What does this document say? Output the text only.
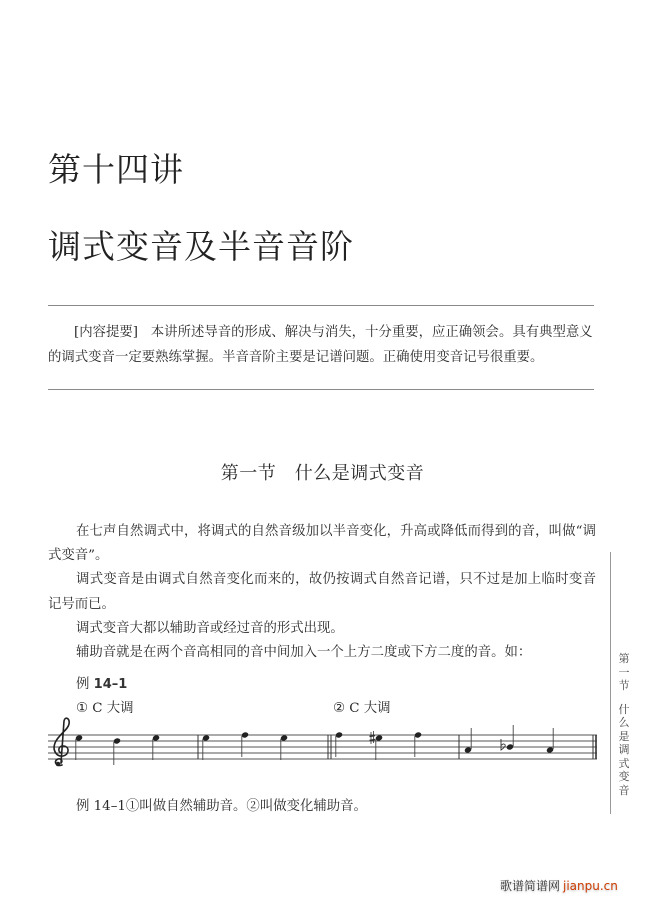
第十四讲
调式变音及半音音阶

[内容提要] 本讲所述导音的形成、解决与消失，十分重要，应正确领会。具有典型意义

的调式变音一定要熟练掌握。半音音阶主要是记谱问题。正确使用变音记号很重要。

第一节　什么是调式变音

在七声自然调式中，将调式的自然音级加以半音变化，升高或降低而得到的音，叫做“调式变音”。

调式变音是由调式自然音变化而来的，故仍按调式自然音记谱，只不过是加上临时变音记号而已。

调式变音大都以辅助音或经过音的形式出现。

辅助音就是在两个音高相同的音中间加入一个上方二度或下方二度的音。如：

例 14–1
① C 大调	② C 大调
例 14–1①叫做自然辅助音。②叫做变化辅助音。
第
一
节
什
么
是
调
式
变
音
歌谱简谱网 jianpu.cn
